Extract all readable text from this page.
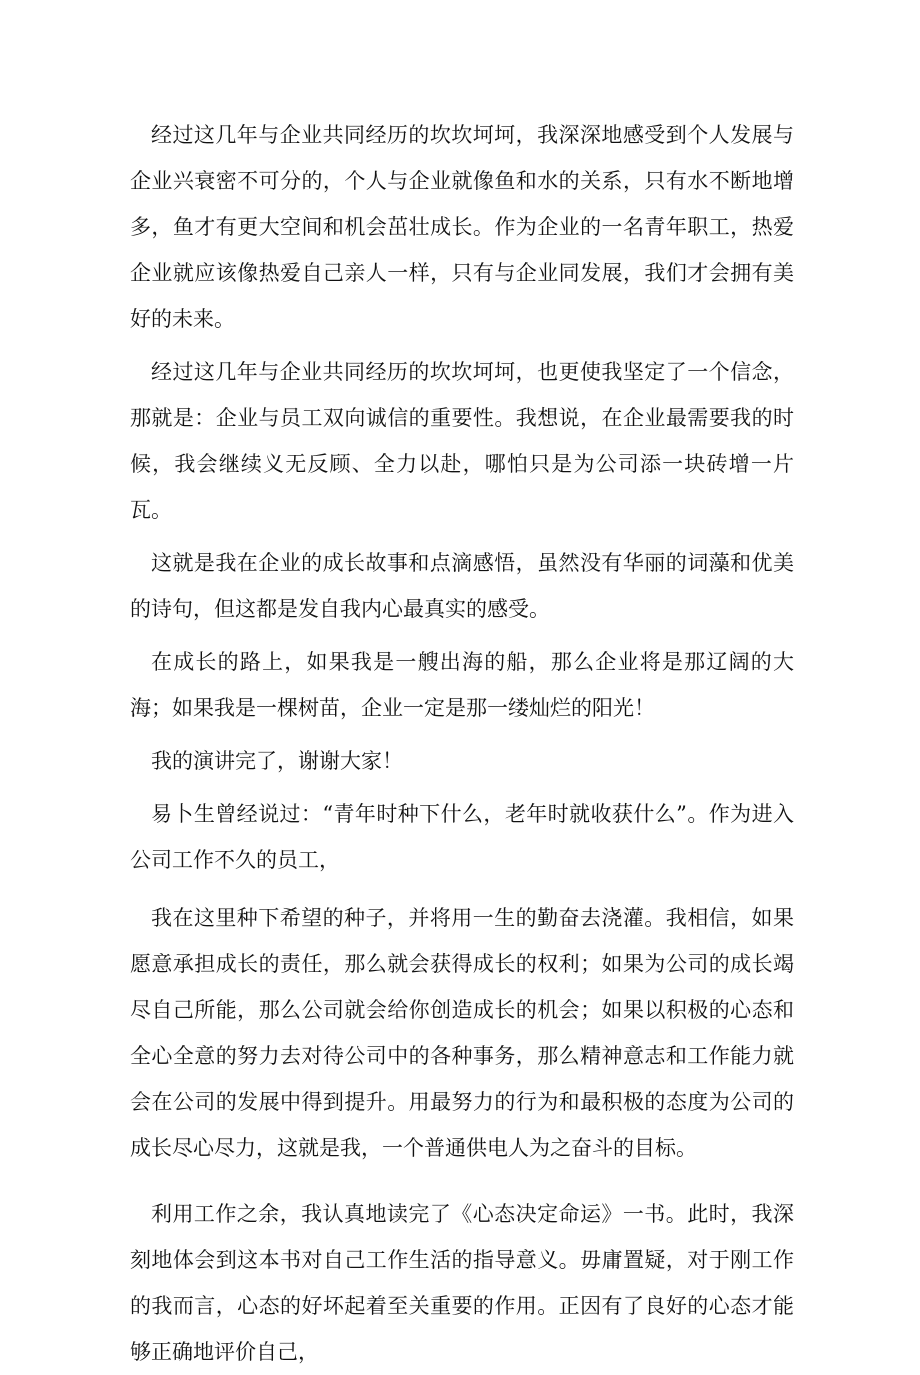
经过这几年与企业共同经历的坎坎坷坷，我深深地感受到个人发展与企业兴衰密不可分的，个人与企业就像鱼和水的关系，只有水不断地增多，鱼才有更大空间和机会茁壮成长。作为企业的一名青年职工，热爱企业就应该像热爱自己亲人一样，只有与企业同发展，我们才会拥有美好的未来。

经过这几年与企业共同经历的坎坎坷坷，也更使我坚定了一个信念，那就是：企业与员工双向诚信的重要性。我想说，在企业最需要我的时候，我会继续义无反顾、全力以赴，哪怕只是为公司添一块砖增一片瓦。

这就是我在企业的成长故事和点滴感悟，虽然没有华丽的词藻和优美的诗句，但这都是发自我内心最真实的感受。

在成长的路上，如果我是一艘出海的船，那么企业将是那辽阔的大海；如果我是一棵树苗，企业一定是那一缕灿烂的阳光！

我的演讲完了，谢谢大家！

易卜生曾经说过：“青年时种下什么，老年时就收获什么”。作为进入公司工作不久的员工，

我在这里种下希望的种子，并将用一生的勤奋去浇灌。我相信，如果愿意承担成长的责任，那么就会获得成长的权利；如果为公司的成长竭尽自己所能，那么公司就会给你创造成长的机会；如果以积极的心态和全心全意的努力去对待公司中的各种事务，那么精神意志和工作能力就会在公司的发展中得到提升。用最努力的行为和最积极的态度为公司的成长尽心尽力，这就是我，一个普通供电人为之奋斗的目标。

利用工作之余，我认真地读完了《心态决定命运》一书。此时，我深刻地体会到这本书对自己工作生活的指导意义。毋庸置疑，对于刚工作的我而言，心态的好坏起着至关重要的作用。正因有了良好的心态才能够正确地评价自己，
